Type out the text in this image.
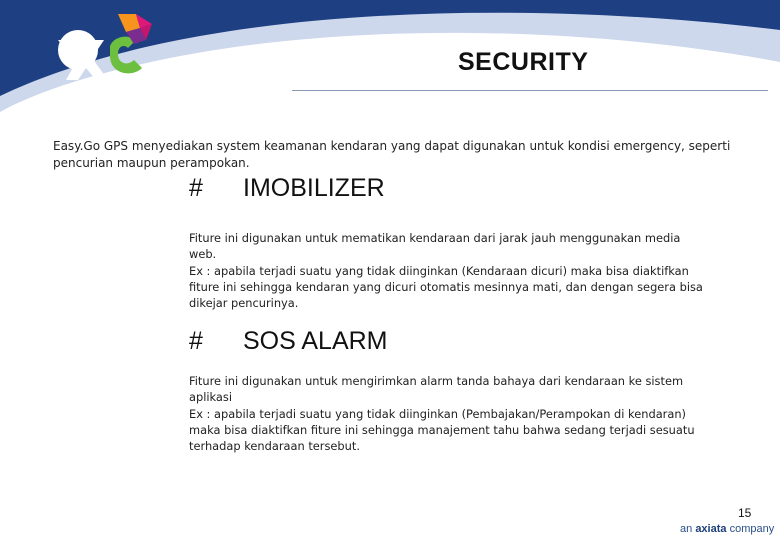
SECURITY
Easy.Go GPS menyediakan system keamanan kendaran yang dapat digunakan untuk kondisi emergency, seperti pencurian maupun perampokan.
# IMOBILIZER

Fiture ini digunakan untuk mematikan kendaraan dari jarak jauh menggunakan media web.

Ex : apabila terjadi suatu yang tidak diinginkan (Kendaraan dicuri) maka bisa diaktifkan fiture ini sehingga kendaran yang dicuri otomatis mesinnya mati, dan dengan segera bisa dikejar pencurinya.

# SOS ALARM

Fiture ini digunakan untuk mengirimkan alarm tanda bahaya dari kendaraan ke sistem aplikasi

Ex : apabila terjadi suatu yang tidak diinginkan (Pembajakan/Perampokan di kendaran) maka bisa diaktifkan fiture ini sehingga manajement tahu bahwa sedang terjadi sesuatu terhadap kendaraan tersebut.

15
an axiata company
